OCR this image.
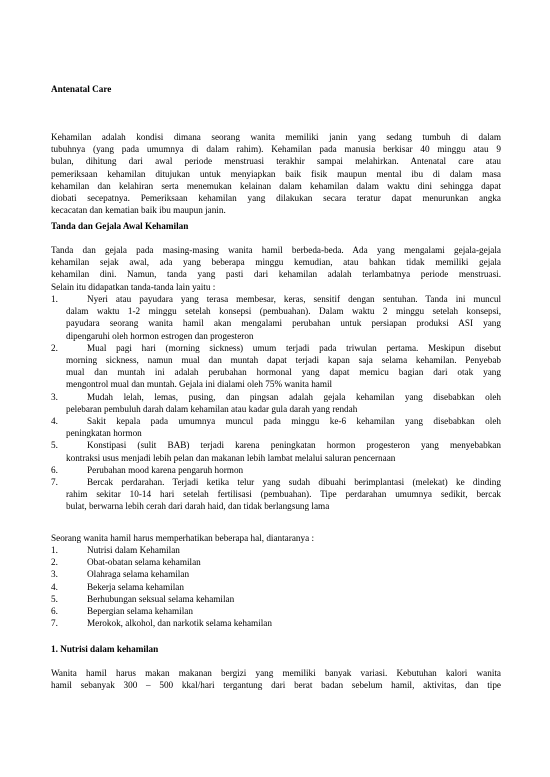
Antenatal Care
Kehamilan adalah kondisi dimana seorang wanita memiliki janin yang sedang tumbuh di dalam
tubuhnya (yang pada umumnya di dalam rahim). Kehamilan pada manusia berkisar 40 minggu atau 9
bulan, dihitung dari awal periode menstruasi terakhir sampai melahirkan. Antenatal care atau
pemeriksaan kehamilan ditujukan untuk menyiapkan baik fisik maupun mental ibu di dalam masa
kehamilan dan kelahiran serta menemukan kelainan dalam kehamilan dalam waktu dini sehingga dapat
diobati secepatnya. Pemeriksaan kehamilan yang dilakukan secara teratur dapat menurunkan angka
kecacatan dan kematian baik ibu maupun janin.
Tanda dan Gejala Awal Kehamilan
Tanda dan gejala pada masing-masing wanita hamil berbeda-beda. Ada yang mengalami gejala-gejala
kehamilan sejak awal, ada yang beberapa minggu kemudian, atau bahkan tidak memiliki gejala
kehamilan dini. Namun, tanda yang pasti dari kehamilan adalah terlambatnya periode menstruasi.
Selain itu didapatkan tanda-tanda lain yaitu :
1.	Nyeri atau payudara yang terasa membesar, keras, sensitif dengan sentuhan. Tanda ini muncul
dalam waktu 1-2 minggu setelah konsepsi (pembuahan). Dalam waktu 2 minggu setelah konsepsi,
payudara seorang wanita hamil akan mengalami perubahan untuk persiapan produksi ASI yang
dipengaruhi oleh hormon estrogen dan progesteron
2.	Mual pagi hari (morning sickness) umum terjadi pada triwulan pertama. Meskipun disebut
morning sickness, namun mual dan muntah dapat terjadi kapan saja selama kehamilan. Penyebab
mual dan muntah ini adalah perubahan hormonal yang dapat memicu bagian dari otak yang
mengontrol mual dan muntah. Gejala ini dialami oleh 75% wanita hamil
3.	Mudah lelah, lemas, pusing, dan pingsan adalah gejala kehamilan yang disebabkan oleh
pelebaran pembuluh darah dalam kehamilan atau kadar gula darah yang rendah
4.	Sakit kepala pada umumnya muncul pada minggu ke-6 kehamilan yang disebabkan oleh
peningkatan hormon
5.	Konstipasi (sulit BAB) terjadi karena peningkatan hormon progesteron yang menyebabkan
kontraksi usus menjadi lebih pelan dan makanan lebih lambat melalui saluran pencernaan
6.	Perubahan mood karena pengaruh hormon
7.	Bercak perdarahan. Terjadi ketika telur yang sudah dibuahi berimplantasi (melekat) ke dinding
rahim sekitar 10-14 hari setelah fertilisasi (pembuahan). Tipe perdarahan umumnya sedikit, bercak
bulat, berwarna lebih cerah dari darah haid, dan tidak berlangsung lama
Seorang wanita hamil harus memperhatikan beberapa hal, diantaranya :
1.	Nutrisi dalam Kehamilan
2.	Obat-obatan selama kehamilan
3.	Olahraga selama kehamilan
4.	Bekerja selama kehamilan
5.	Berhubungan seksual selama kehamilan
6.	Bepergian selama kehamilan
7.	Merokok, alkohol, dan narkotik selama kehamilan
1. Nutrisi dalam kehamilan
Wanita hamil harus makan makanan bergizi yang memiliki banyak variasi. Kebutuhan kalori wanita
hamil sebanyak 300 – 500 kkal/hari tergantung dari berat badan sebelum hamil, aktivitas, dan tipe
